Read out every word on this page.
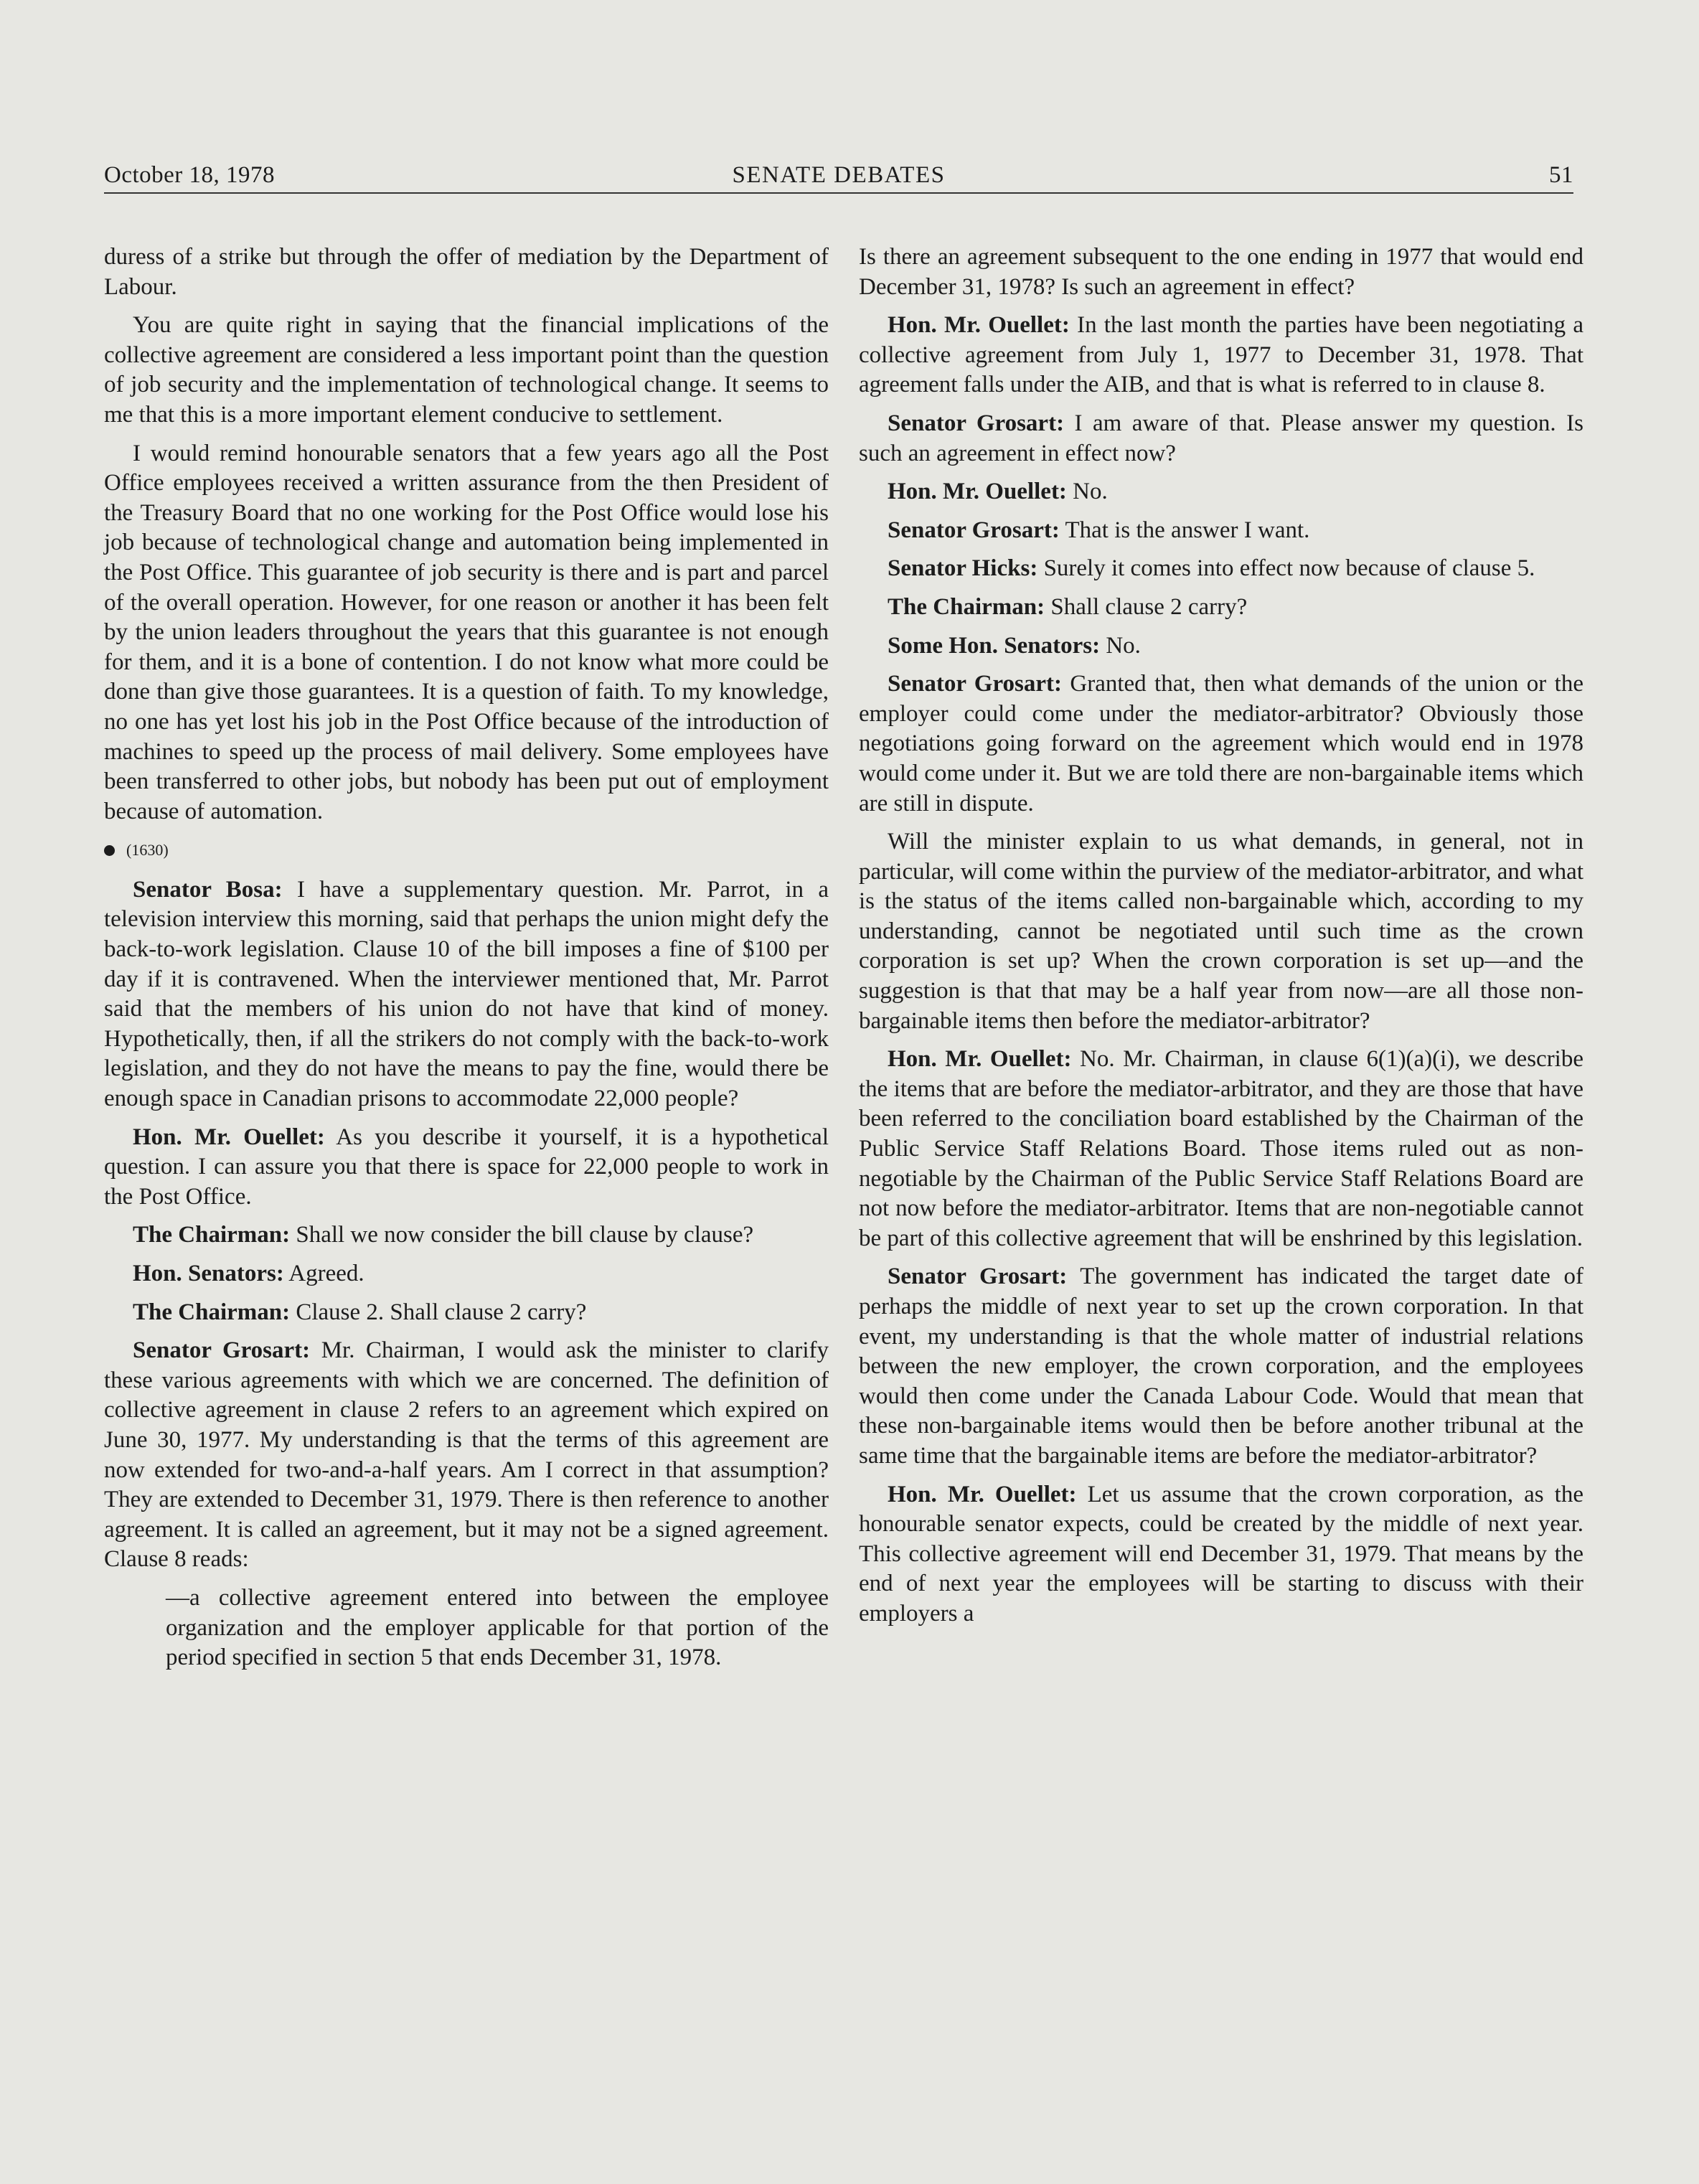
October 18, 1978	SENATE DEBATES	51

duress of a strike but through the offer of mediation by the Department of Labour.

You are quite right in saying that the financial implications of the collective agreement are considered a less important point than the question of job security and the implementation of technological change. It seems to me that this is a more important element conducive to settlement.

I would remind honourable senators that a few years ago all the Post Office employees received a written assurance from the then President of the Treasury Board that no one working for the Post Office would lose his job because of technological change and automation being implemented in the Post Office. This guarantee of job security is there and is part and parcel of the overall operation. However, for one reason or another it has been felt by the union leaders throughout the years that this guarantee is not enough for them, and it is a bone of contention. I do not know what more could be done than give those guarantees. It is a question of faith. To my knowledge, no one has yet lost his job in the Post Office because of the introduction of machines to speed up the process of mail delivery. Some employees have been transferred to other jobs, but nobody has been put out of employment because of automation.

(1630)

Senator Bosa: I have a supplementary question. Mr. Parrot, in a television interview this morning, said that perhaps the union might defy the back-to-work legislation. Clause 10 of the bill imposes a fine of $100 per day if it is contravened. When the interviewer mentioned that, Mr. Parrot said that the members of his union do not have that kind of money. Hypothetically, then, if all the strikers do not comply with the back-to-work legislation, and they do not have the means to pay the fine, would there be enough space in Canadian prisons to accommodate 22,000 people?

Hon. Mr. Ouellet: As you describe it yourself, it is a hypothetical question. I can assure you that there is space for 22,000 people to work in the Post Office.

The Chairman: Shall we now consider the bill clause by clause?

Hon. Senators: Agreed.

The Chairman: Clause 2. Shall clause 2 carry?

Senator Grosart: Mr. Chairman, I would ask the minister to clarify these various agreements with which we are concerned. The definition of collective agreement in clause 2 refers to an agreement which expired on June 30, 1977. My understanding is that the terms of this agreement are now extended for two-and-a-half years. Am I correct in that assumption? They are extended to December 31, 1979. There is then reference to another agreement. It is called an agreement, but it may not be a signed agreement. Clause 8 reads:

—a collective agreement entered into between the employee organization and the employer applicable for that portion of the period specified in section 5 that ends December 31, 1978.

Is there an agreement subsequent to the one ending in 1977 that would end December 31, 1978? Is such an agreement in effect?

Hon. Mr. Ouellet: In the last month the parties have been negotiating a collective agreement from July 1, 1977 to December 31, 1978. That agreement falls under the AIB, and that is what is referred to in clause 8.

Senator Grosart: I am aware of that. Please answer my question. Is such an agreement in effect now?

Hon. Mr. Ouellet: No.

Senator Grosart: That is the answer I want.

Senator Hicks: Surely it comes into effect now because of clause 5.

The Chairman: Shall clause 2 carry?

Some Hon. Senators: No.

Senator Grosart: Granted that, then what demands of the union or the employer could come under the mediator-arbitrator? Obviously those negotiations going forward on the agreement which would end in 1978 would come under it. But we are told there are non-bargainable items which are still in dispute.

Will the minister explain to us what demands, in general, not in particular, will come within the purview of the mediator-arbitrator, and what is the status of the items called non-bargainable which, according to my understanding, cannot be negotiated until such time as the crown corporation is set up? When the crown corporation is set up—and the suggestion is that that may be a half year from now—are all those non-bargainable items then before the mediator-arbitrator?

Hon. Mr. Ouellet: No. Mr. Chairman, in clause 6(1)(a)(i), we describe the items that are before the mediator-arbitrator, and they are those that have been referred to the conciliation board established by the Chairman of the Public Service Staff Relations Board. Those items ruled out as non-negotiable by the Chairman of the Public Service Staff Relations Board are not now before the mediator-arbitrator. Items that are non-negotiable cannot be part of this collective agreement that will be enshrined by this legislation.

Senator Grosart: The government has indicated the target date of perhaps the middle of next year to set up the crown corporation. In that event, my understanding is that the whole matter of industrial relations between the new employer, the crown corporation, and the employees would then come under the Canada Labour Code. Would that mean that these non-bargainable items would then be before another tribunal at the same time that the bargainable items are before the mediator-arbitrator?

Hon. Mr. Ouellet: Let us assume that the crown corporation, as the honourable senator expects, could be created by the middle of next year. This collective agreement will end December 31, 1979. That means by the end of next year the employees will be starting to discuss with their employers a
